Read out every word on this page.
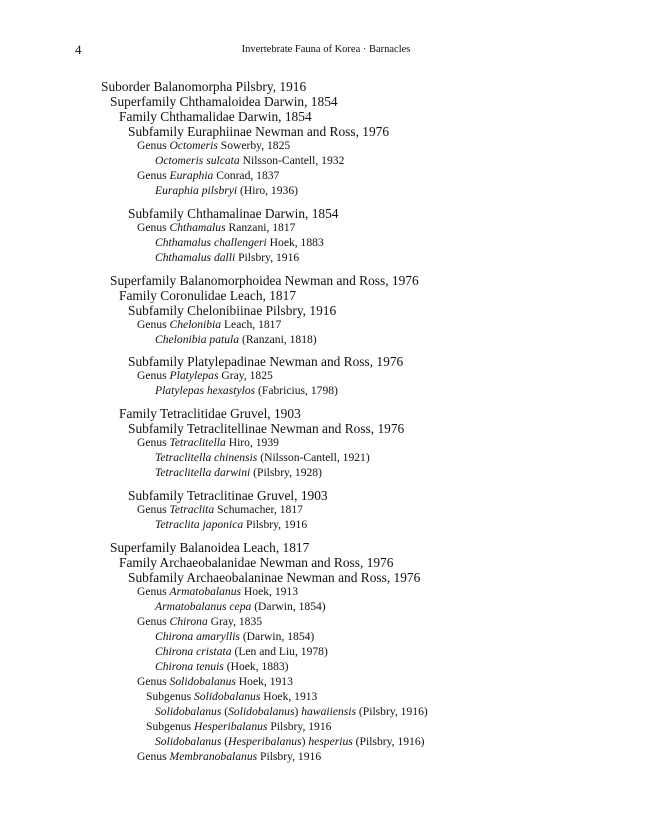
4	Invertebrate Fauna of Korea · Barnacles
Suborder Balanomorpha Pilsbry, 1916
Superfamily Chthamaloidea Darwin, 1854
Family Chthamalidae Darwin, 1854
Subfamily Euraphiinae Newman and Ross, 1976
Genus Octomeris Sowerby, 1825
Octomeris sulcata Nilsson-Cantell, 1932
Genus Euraphia Conrad, 1837
Euraphia pilsbryi (Hiro, 1936)
Subfamily Chthamalinae Darwin, 1854
Genus Chthamalus Ranzani, 1817
Chthamalus challengeri Hoek, 1883
Chthamalus dalli Pilsbry, 1916
Superfamily Balanomorphoidea Newman and Ross, 1976
Family Coronulidae Leach, 1817
Subfamily Chelonibiinae Pilsbry, 1916
Genus Chelonibia Leach, 1817
Chelonibia patula (Ranzani, 1818)
Subfamily Platylepadinae Newman and Ross, 1976
Genus Platylepas Gray, 1825
Platylepas hexastylos (Fabricius, 1798)
Family Tetraclitidae Gruvel, 1903
Subfamily Tetraclitellinae Newman and Ross, 1976
Genus Tetraclitella Hiro, 1939
Tetraclitella chinensis (Nilsson-Cantell, 1921)
Tetraclitella darwini (Pilsbry, 1928)
Subfamily Tetraclitinae Gruvel, 1903
Genus Tetraclita Schumacher, 1817
Tetraclita japonica Pilsbry, 1916
Superfamily Balanoidea Leach, 1817
Family Archaeobalanidae Newman and Ross, 1976
Subfamily Archaeobalaninae Newman and Ross, 1976
Genus Armatobalanus Hoek, 1913
Armatobalanus cepa (Darwin, 1854)
Genus Chirona Gray, 1835
Chirona amaryllis (Darwin, 1854)
Chirona cristata (Len and Liu, 1978)
Chirona tenuis (Hoek, 1883)
Genus Solidobalanus Hoek, 1913
Subgenus Solidobalanus Hoek, 1913
Solidobalanus (Solidobalanus) hawaiiensis (Pilsbry, 1916)
Subgenus Hesperibalanus Pilsbry, 1916
Solidobalanus (Hesperibalanus) hesperius (Pilsbry, 1916)
Genus Membranobalanus Pilsbry, 1916
